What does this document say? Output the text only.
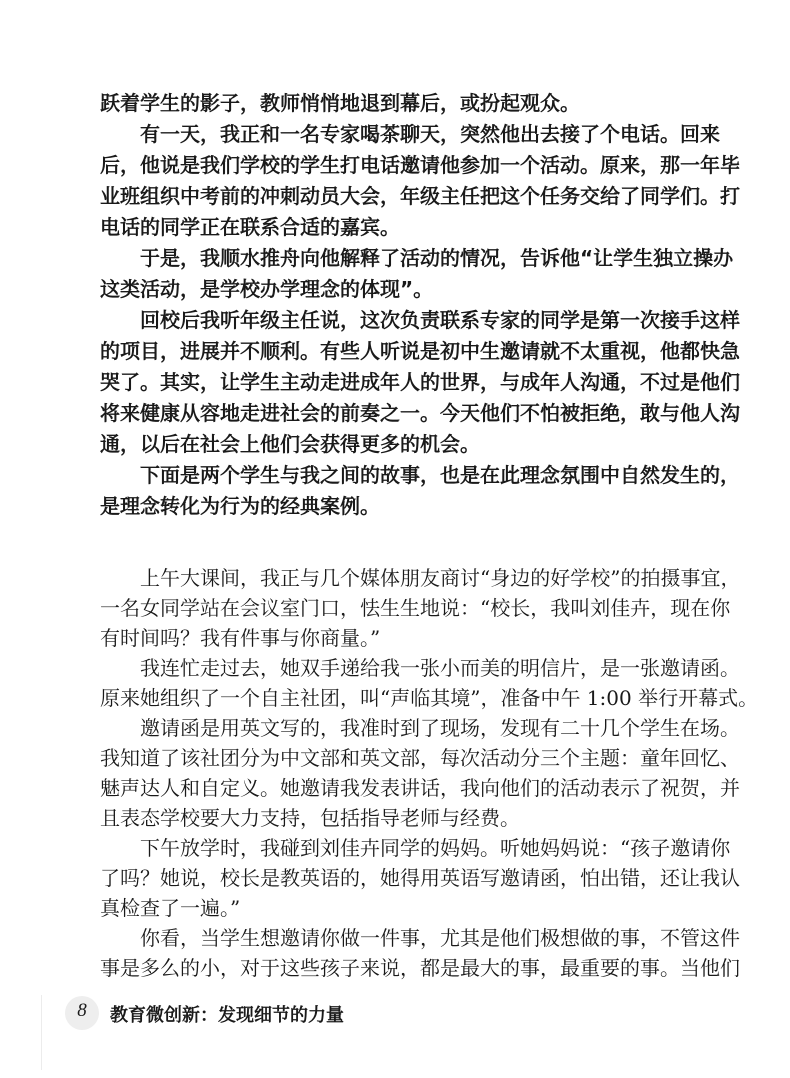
跃着学生的影子，教师悄悄地退到幕后，或扮起观众。
有一天，我正和一名专家喝茶聊天，突然他出去接了个电话。回来
后，他说是我们学校的学生打电话邀请他参加一个活动。原来，那一年毕
业班组织中考前的冲刺动员大会，年级主任把这个任务交给了同学们。打
电话的同学正在联系合适的嘉宾。
于是，我顺水推舟向他解释了活动的情况，告诉他“让学生独立操办
这类活动，是学校办学理念的体现”。
回校后我听年级主任说，这次负责联系专家的同学是第一次接手这样
的项目，进展并不顺利。有些人听说是初中生邀请就不太重视，他都快急
哭了。其实，让学生主动走进成年人的世界，与成年人沟通，不过是他们
将来健康从容地走进社会的前奏之一。今天他们不怕被拒绝，敢与他人沟
通，以后在社会上他们会获得更多的机会。
下面是两个学生与我之间的故事，也是在此理念氛围中自然发生的，
是理念转化为行为的经典案例。
上午大课间，我正与几个媒体朋友商讨“身边的好学校”的拍摄事宜，
一名女同学站在会议室门口，怯生生地说：“校长，我叫刘佳卉，现在你
有时间吗？我有件事与你商量。”
我连忙走过去，她双手递给我一张小而美的明信片，是一张邀请函。
原来她组织了一个自主社团，叫“声临其境”，准备中午 1:00 举行开幕式。
邀请函是用英文写的，我准时到了现场，发现有二十几个学生在场。
我知道了该社团分为中文部和英文部，每次活动分三个主题：童年回忆、
魅声达人和自定义。她邀请我发表讲话，我向他们的活动表示了祝贺，并
且表态学校要大力支持，包括指导老师与经费。
下午放学时，我碰到刘佳卉同学的妈妈。听她妈妈说：“孩子邀请你
了吗？她说，校长是教英语的，她得用英语写邀请函，怕出错，还让我认
真检查了一遍。”
你看，当学生想邀请你做一件事，尤其是他们极想做的事，不管这件
事是多么的小，对于这些孩子来说，都是最大的事，最重要的事。当他们
8	教育微创新：发现细节的力量
